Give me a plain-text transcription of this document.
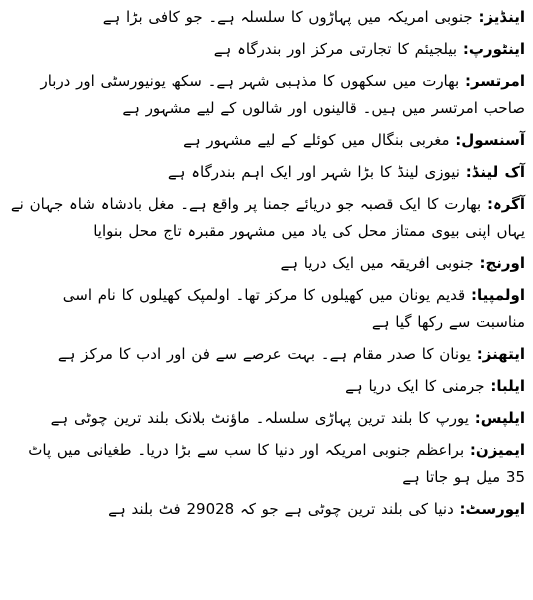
اینڈیز: جنوبی امریکہ میں پہاڑوں کا سلسلہ ہے۔ جو کافی بڑا ہے

اینٹورپ: بیلجیئم کا تجارتی مرکز اور بندرگاہ ہے

امرتسر: بھارت میں سکھوں کا مذہبی شہر ہے۔ سکھ یونیورسٹی اور دربار صاحب امرتسر میں ہیں۔ قالینوں اور شالوں کے لیے مشہور ہے

آسنسول: مغربی بنگال میں کوئلے کے لیے مشہور ہے

آک لینڈ: نیوزی لینڈ کا بڑا شہر اور ایک اہم بندرگاہ ہے

آگرہ: بھارت کا ایک قصبہ جو دریائے جمنا پر واقع ہے۔ مغل بادشاہ شاہ جہان نے یہاں اپنی بیوی ممتاز محل کی یاد میں مشہور مقبرہ تاج محل بنوایا

اورنج: جنوبی افریقہ میں ایک دریا ہے

اولمپیا: قدیم یونان میں کھیلوں کا مرکز تھا۔ اولمپک کھیلوں کا نام اسی مناسبت سے رکھا گیا ہے

ایتھنز: یونان کا صدر مقام ہے۔ بہت عرصے سے فن اور ادب کا مرکز ہے

ایلبا: جرمنی کا ایک دریا ہے

ایلپس: یورپ کا بلند ترین پہاڑی سلسلہ۔ ماؤنٹ بلانک بلند ترین چوٹی ہے

ایمیزن: براعظم جنوبی امریکہ اور دنیا کا سب سے بڑا دریا۔ طغیانی میں پاٹ 35 میل ہو جاتا ہے

ایورسٹ: دنیا کی بلند ترین چوٹی ہے جو کہ 29028 فٹ بلند ہے
